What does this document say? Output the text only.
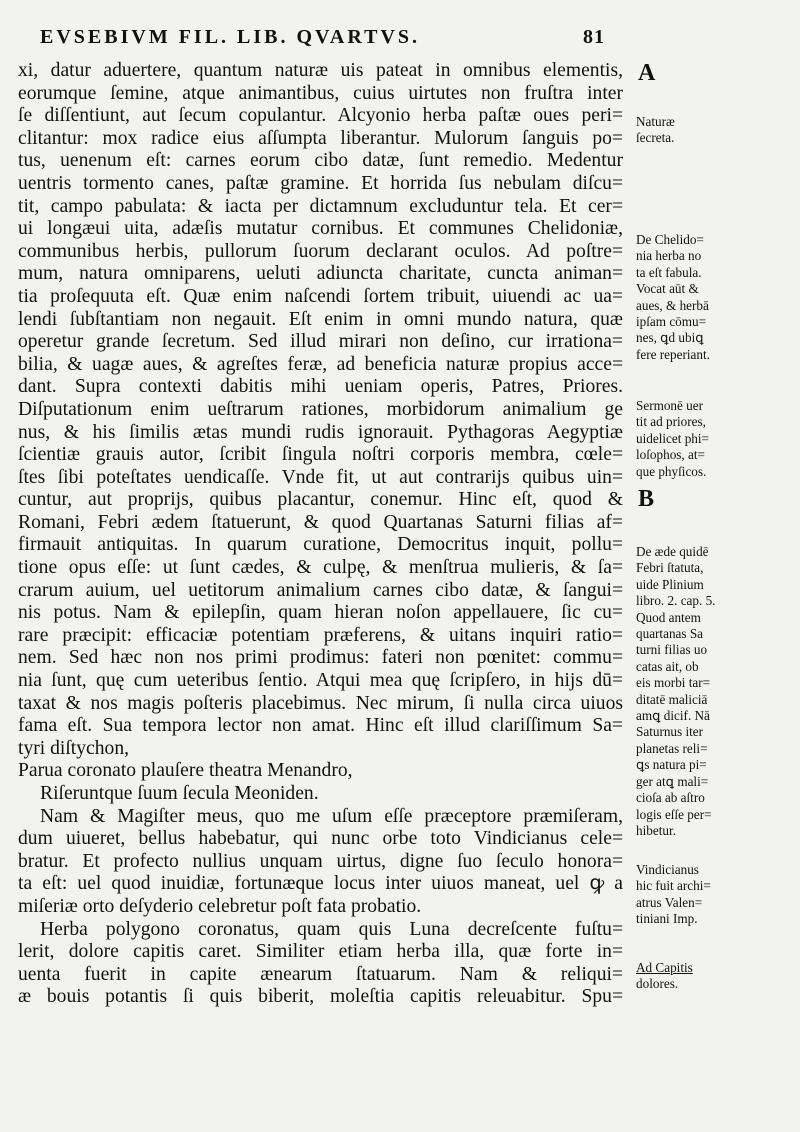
EVSEBIVM FIL. LIB. QVARTVS.	81
xi, datur aduertere, quantum naturæ uis pateat in omnibus elementis,
eorumque ſemine, atque animantibus, cuius uirtutes non fruſtra inter
ſe diſſentiunt, aut ſecum copulantur. Alcyonio herba paſtæ oues peri=
clitantur: mox radice eius aſſumpta liberantur. Mulorum ſanguis po=
tus, uenenum eſt: carnes eorum cibo datæ, ſunt remedio. Medentur
uentris tormento canes, paſtæ gramine. Et horrida ſus nebulam diſcu=
tit, campo pabulata: & iacta per dictamnum excluduntur tela. Et cer=
ui longæui uita, adæſis mutatur cornibus. Et communes Chelidoniæ,
communibus herbis, pullorum ſuorum declarant oculos. Ad poſtre=
mum, natura omniparens, ueluti adiuncta charitate, cuncta animan=
tia proſequuta eſt. Quæ enim naſcendi ſortem tribuit, uiuendi ac ua=
lendi ſubſtantiam non negauit. Eſt enim in omni mundo natura, quæ
operetur grande ſecretum. Sed illud mirari non deſino, cur irrationa=
bilia, & uagæ aues, & agreſtes feræ, ad beneficia naturæ propius acce=
dant. Supra contexti dabitis mihi ueniam operis, Patres, Priores.
Diſputationum enim ueſtrarum rationes, morbidorum animalium ge
nus, & his ſimilis ætas mundi rudis ignorauit. Pythagoras Aegyptiæ
ſcientiæ grauis autor, ſcribit ſingula noſtri corporis membra, cœle=
ſtes ſibi poteſtates uendicaſſe. Vnde fit, ut aut contrarijs quibus uin=
cuntur, aut proprijs, quibus placantur, conemur. Hinc eſt, quod &
Romani, Febri ædem ſtatuerunt, & quod Quartanas Saturni filias af=
firmauit antiquitas. In quarum curatione, Democritus inquit, pollu=
tione opus eſſe: ut ſunt cædes, & culpę, & menſtrua mulieris, & ſa=
crarum auium, uel uetitorum animalium carnes cibo datæ, & ſangui=
nis potus. Nam & epilepſin, quam hieran noſon appellauere, ſic cu=
rare præcipit: efficaciæ potentiam præferens, & uitans inquiri ratio=
nem. Sed hæc non nos primi prodimus: fateri non pœnitet: commu=
nia ſunt, quę cum ueteribus ſentio. Atqui mea quę ſcripſero, in hijs dū=
taxat & nos magis poſteris placebimus. Nec mirum, ſi nulla circa uiuos
fama eſt. Sua tempora lector non amat. Hinc eſt illud clariſſimum Sa=
tyri diſtychon,
Parua coronato plauſere theatra Menandro,
Riſeruntque ſuum ſecula Meoniden.
Nam & Magiſter meus, quo me uſum eſſe præceptore præmiſeram,
dum uiueret, bellus habebatur, qui nunc orbe toto Vindicianus cele=
bratur. Et profecto nullius unquam uirtus, digne ſuo ſeculo honora=
ta eſt: uel quod inuidiæ, fortunæque locus inter uiuos maneat, uel ꝙ a
miſeriæ orto deſyderio celebretur poſt fata probatio.
Herba polygono coronatus, quam quis Luna decreſcente fuſtu=
lerit, dolore capitis caret. Similiter etiam herba illa, quæ forte in=
uenta fuerit in capite ænearum ſtatuarum. Nam & reliqui=
æ bouis potantis ſi quis biberit, moleſtia capitis releuabitur. Spu=
A
B
Naturæ
ſecreta.
De Chelido=
nia herba no
ta eſt fabula.
Vocat aūt &
aues, & herbā
ipſam cōmu=
nes, ꝗd ubiꝗ
fere reperiant.
Sermonē uer
tit ad priores,
uidelicet phi=
loſophos, at=
que phyſicos.
De æde quidē
Febri ſtatuta,
uide Plinium
libro. 2. cap. 5.
Quod antem
quartanas Sa
turni filias uo
catas ait, ob
eis morbi tar=
ditatē maliciā
amꝗ dicif. Nā
Saturnus iter
planetas reli=
ꝗs natura pi=
ger atꝗ mali=
cioſa ab aſtro
logis eſſe per=
hibetur.
Vindicianus
hic fuit archi=
atrus Valen=
tiniani Imp.
Ad Capitis
dolores.
